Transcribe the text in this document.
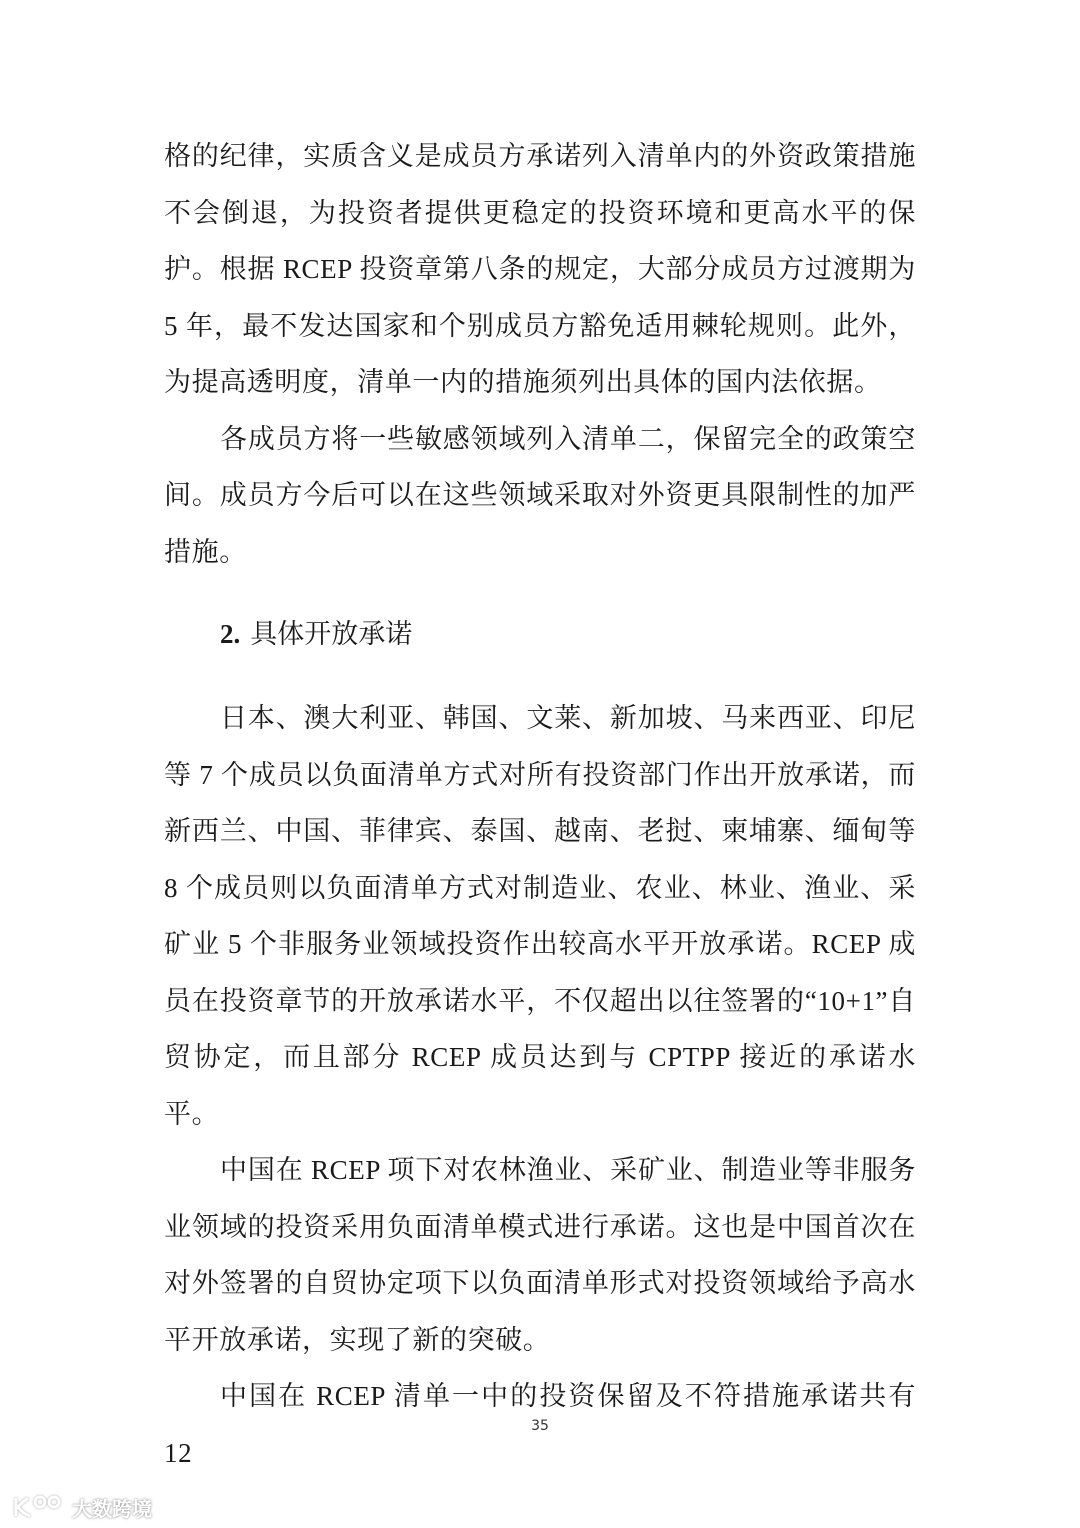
格的纪律，实质含义是成员方承诺列入清单内的外资政策措施不会倒退，为投资者提供更稳定的投资环境和更高水平的保护。根据 RCEP 投资章第八条的规定，大部分成员方过渡期为 5 年，最不发达国家和个别成员方豁免适用棘轮规则。此外，为提高透明度，清单一内的措施须列出具体的国内法依据。

各成员方将一些敏感领域列入清单二，保留完全的政策空间。成员方今后可以在这些领域采取对外资更具限制性的加严措施。

2. 具体开放承诺

日本、澳大利亚、韩国、文莱、新加坡、马来西亚、印尼等 7 个成员以负面清单方式对所有投资部门作出开放承诺，而新西兰、中国、菲律宾、泰国、越南、老挝、柬埔寨、缅甸等 8 个成员则以负面清单方式对制造业、农业、林业、渔业、采矿业 5 个非服务业领域投资作出较高水平开放承诺。RCEP 成员在投资章节的开放承诺水平，不仅超出以往签署的“10+1”自贸协定，而且部分 RCEP 成员达到与 CPTPP 接近的承诺水平。

中国在 RCEP 项下对农林渔业、采矿业、制造业等非服务业领域的投资采用负面清单模式进行承诺。这也是中国首次在对外签署的自贸协定项下以负面清单形式对投资领域给予高水平开放承诺，实现了新的突破。

中国在 RCEP 清单一中的投资保留及不符措施承诺共有 12

35
大数跨境
